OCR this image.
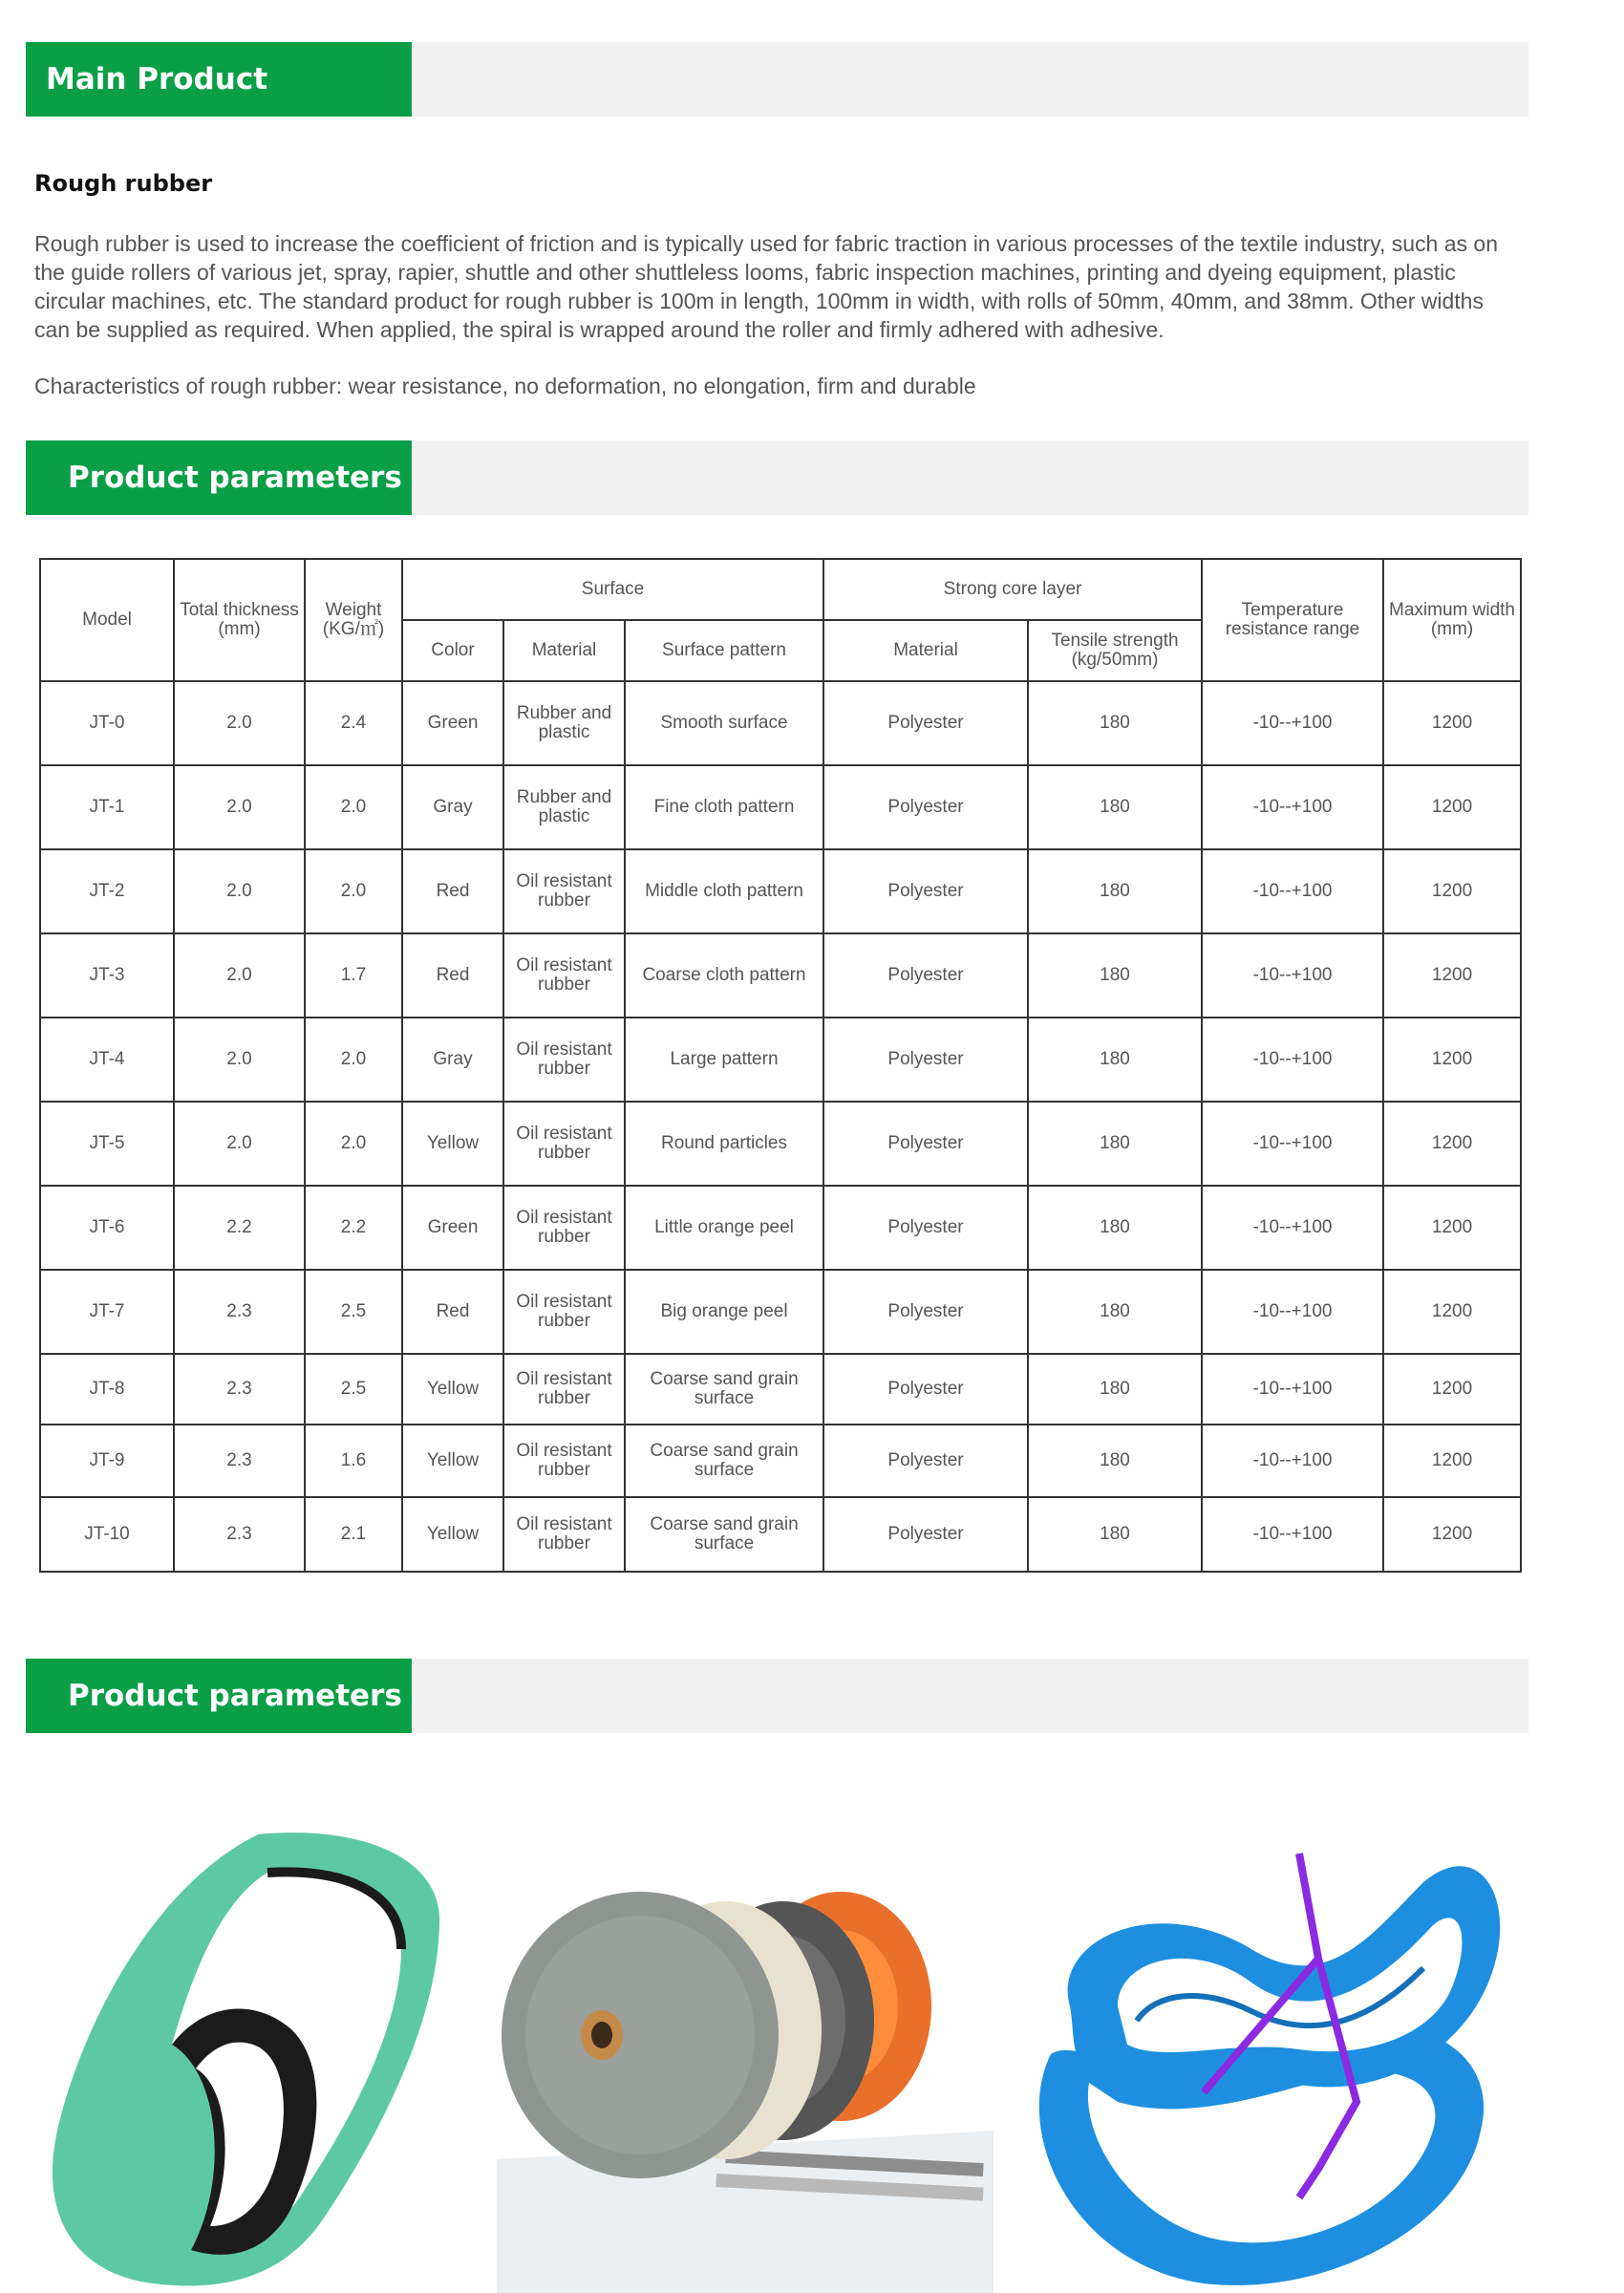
Main Product Introduction
Rough rubber
Rough rubber is used to increase the coefficient of friction and is typically used for fabric traction in various processes of the textile industry, such as on the guide rollers of various jet, spray, rapier, shuttle and other shuttleless looms, fabric inspection machines, printing and dyeing equipment, plastic circular machines, etc. The standard product for rough rubber is 100m in length, 100mm in width, with rolls of 50mm, 40mm, and 38mm. Other widths can be supplied as required. When applied, the spiral is wrapped around the roller and firmly adhered with adhesive.
Characteristics of rough rubber: wear resistance, no deformation, no elongation, firm and durable
Product parameters
Model	Total thickness (mm)	Weight (KG/㎡)	Surface			Strong core layer		Temperature resistance range	Maximum width (mm)
			Color	Material	Surface pattern	Material	Tensile strength (kg/50mm)		
JT-0	2.0	2.4	Green	Rubber and plastic	Smooth surface	Polyester	180	-10--+100	1200
JT-1	2.0	2.0	Gray	Rubber and plastic	Fine cloth pattern	Polyester	180	-10--+100	1200
JT-2	2.0	2.0	Red	Oil resistant rubber	Middle cloth pattern	Polyester	180	-10--+100	1200
JT-3	2.0	1.7	Red	Oil resistant rubber	Coarse cloth pattern	Polyester	180	-10--+100	1200
JT-4	2.0	2.0	Gray	Oil resistant rubber	Large pattern	Polyester	180	-10--+100	1200
JT-5	2.0	2.0	Yellow	Oil resistant rubber	Round particles	Polyester	180	-10--+100	1200
JT-6	2.2	2.2	Green	Oil resistant rubber	Little orange peel	Polyester	180	-10--+100	1200
JT-7	2.3	2.5	Red	Oil resistant rubber	Big orange peel	Polyester	180	-10--+100	1200
JT-8	2.3	2.5	Yellow	Oil resistant rubber	Coarse sand grain surface	Polyester	180	-10--+100	1200
JT-9	2.3	1.6	Yellow	Oil resistant rubber	Coarse sand grain surface	Polyester	180	-10--+100	1200
JT-10	2.3	2.1	Yellow	Oil resistant rubber	Coarse sand grain surface	Polyester	180	-10--+100	1200
Product parameters
